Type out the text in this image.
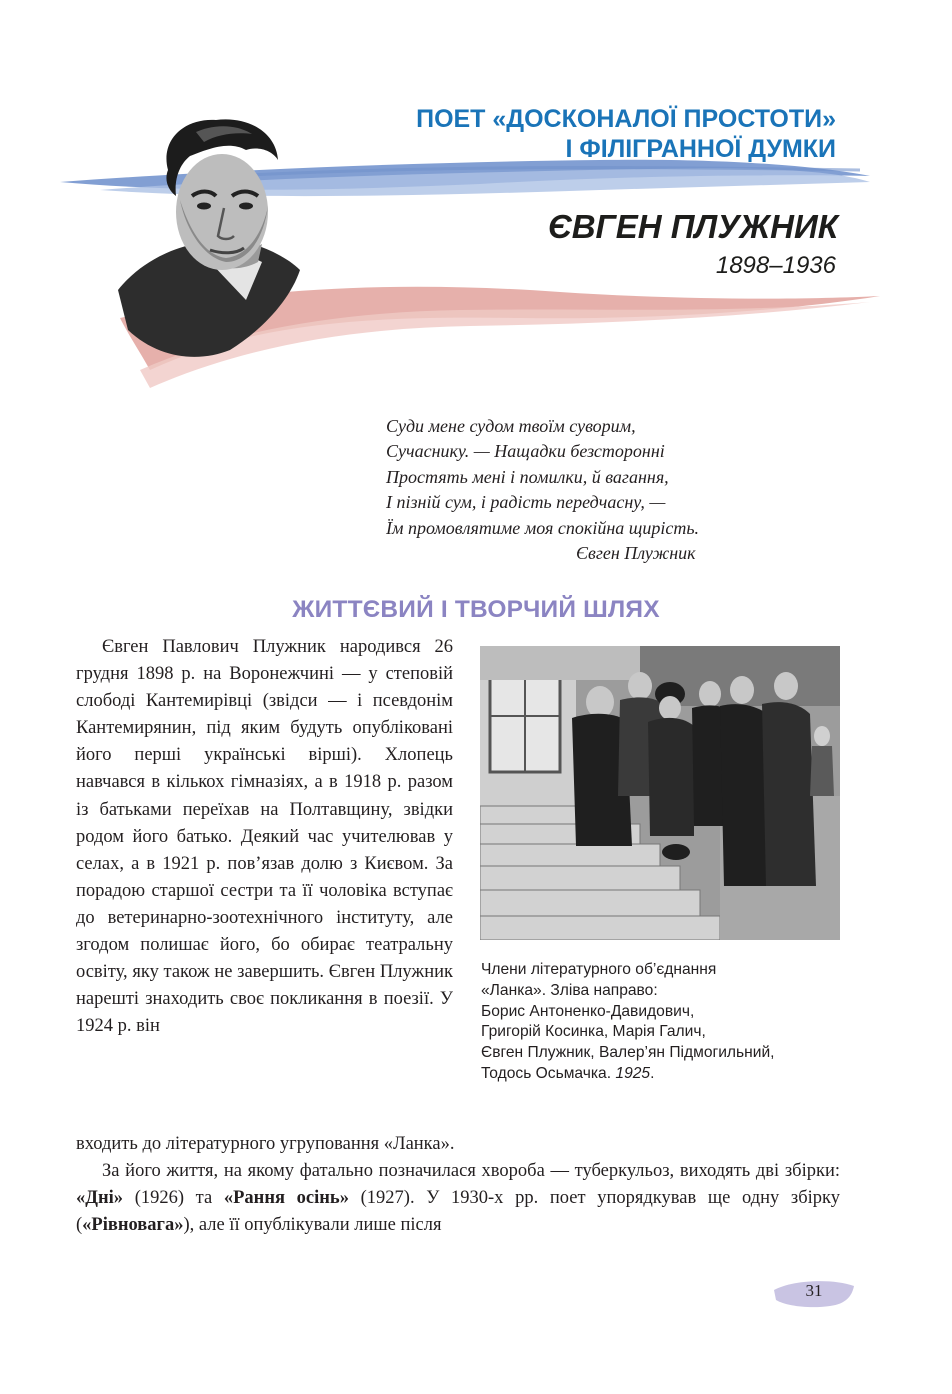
ПОЕТ «ДОСКОНАЛОЇ ПРОСТОТИ»
І ФІЛІГРАННОЇ ДУМКИ
ЄВГЕН ПЛУЖНИК
1898–1936
Суди мене судом твоїм суворим,
Сучаснику. — Нащадки безсторонні
Простять мені і помилки, й вагання,
І пізній сум, і радість передчасну, —
Їм промовлятиме моя спокійна щирість.
Євген Плужник
ЖИТТЄВИЙ І ТВОРЧИЙ ШЛЯХ

Євген Павлович Плужник народився 26 грудня 1898 р. на Воронежчині — у степовій слободі Кантемирівці (звідси — і псевдонім Кантемирянин, під яким будуть опубліковані його перші українські вірші). Хлопець навчався в кількох гімназіях, а в 1918 р. разом із батьками переїхав на Полтавщину, звідки родом його батько. Деякий час учителював у селах, а в 1921 р. пов’язав долю з Києвом. За порадою старшої сестри та її чоловіка вступає до ветеринарно-зоотехнічного інституту, але згодом полишає його, бо обирає театральну освіту, яку також не завершить. Євген Плужник нарешті знаходить своє покликання в поезії. У 1924 р. він

Члени літературного об’єднання
«Ланка». Зліва направо:
Борис Антоненко-Давидович,
Григорій Косинка, Марія Галич,
Євген Плужник, Валер’ян Підмогильний,
Тодось Осьмачка. 1925.

входить до літературного угруповання «Ланка».

За його життя, на якому фатально позначилася хвороба — туберкульоз, виходять дві збірки: «Дні» (1926) та «Рання осінь» (1927). У 1930-х рр. поет упорядкував ще одну збірку («Рівновага»), але її опублікували лише після

31
